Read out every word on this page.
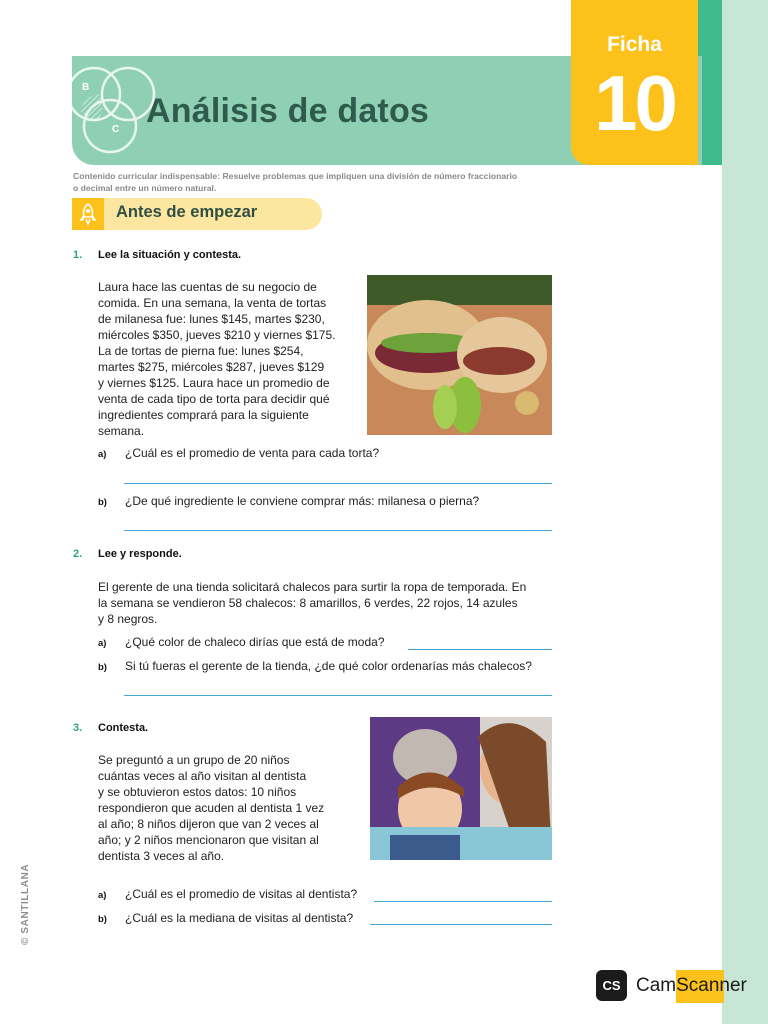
B
C Análisis de datos
Ficha
10
Contenido curricular indispensable: Resuelve problemas que impliquen una división de número fraccionario
o decimal entre un número natural.
Antes de empezar
1. Lee la situación y contesta.
Laura hace las cuentas de su negocio de
comida. En una semana, la venta de tortas
de milanesa fue: lunes $145, martes $230,
miércoles $350, jueves $210 y viernes $175.
La de tortas de pierna fue: lunes $254,
martes $275, miércoles $287, jueves $129
y viernes $125. Laura hace un promedio de
venta de cada tipo de torta para decidir qué
ingredientes comprará para la siguiente
semana.
a) ¿Cuál es el promedio de venta para cada torta?
b) ¿De qué ingrediente le conviene comprar más: milanesa o pierna?
2. Lee y responde.
El gerente de una tienda solicitará chalecos para surtir la ropa de temporada. En
la semana se vendieron 58 chalecos: 8 amarillos, 6 verdes, 22 rojos, 14 azules
y 8 negros.
a) ¿Qué color de chaleco dirías que está de moda?
b) Si tú fueras el gerente de la tienda, ¿de qué color ordenarías más chalecos?
3. Contesta.
Se preguntó a un grupo de 20 niños
cuántas veces al año visitan al dentista
y se obtuvieron estos datos: 10 niños
respondieron que acuden al dentista 1 vez
al año; 8 niños dijeron que van 2 veces al
año; y 2 niños mencionaron que visitan al
dentista 3 veces al año.
a) ¿Cuál es el promedio de visitas al dentista?
b) ¿Cuál es la mediana de visitas al dentista?
© SANTILLANA
CS CamScanner
